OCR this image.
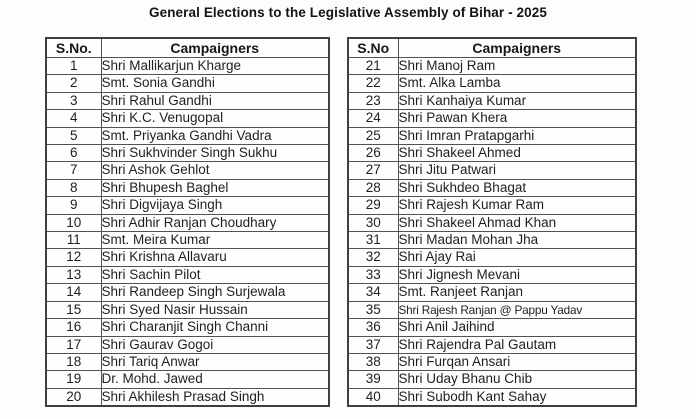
General Elections to the Legislative Assembly of Bihar - 2025
S.No.	Campaigners
1	Shri Mallikarjun Kharge
2	Smt. Sonia Gandhi
3	Shri Rahul Gandhi
4	Shri K.C. Venugopal
5	Smt. Priyanka Gandhi Vadra
6	Shri Sukhvinder Singh Sukhu
7	Shri Ashok Gehlot
8	Shri Bhupesh Baghel
9	Shri Digvijaya Singh
10	Shri Adhir Ranjan Choudhary
11	Smt. Meira Kumar
12	Shri Krishna Allavaru
13	Shri Sachin Pilot
14	Shri Randeep Singh Surjewala
15	Shri Syed Nasir Hussain
16	Shri Charanjit Singh Channi
17	Shri Gaurav Gogoi
18	Shri Tariq Anwar
19	Dr. Mohd. Jawed
20	Shri Akhilesh Prasad Singh
S.No	Campaigners
21	Shri Manoj Ram
22	Smt. Alka Lamba
23	Shri Kanhaiya Kumar
24	Shri Pawan Khera
25	Shri Imran Pratapgarhi
26	Shri Shakeel Ahmed
27	Shri Jitu Patwari
28	Shri Sukhdeo Bhagat
29	Shri Rajesh Kumar Ram
30	Shri Shakeel Ahmad Khan
31	Shri Madan Mohan Jha
32	Shri Ajay Rai
33	Shri Jignesh Mevani
34	Smt. Ranjeet Ranjan
35	Shri Rajesh Ranjan @ Pappu Yadav
36	Shri Anil Jaihind
37	Shri Rajendra Pal Gautam
38	Shri Furqan Ansari
39	Shri Uday Bhanu Chib
40	Shri Subodh Kant Sahay
